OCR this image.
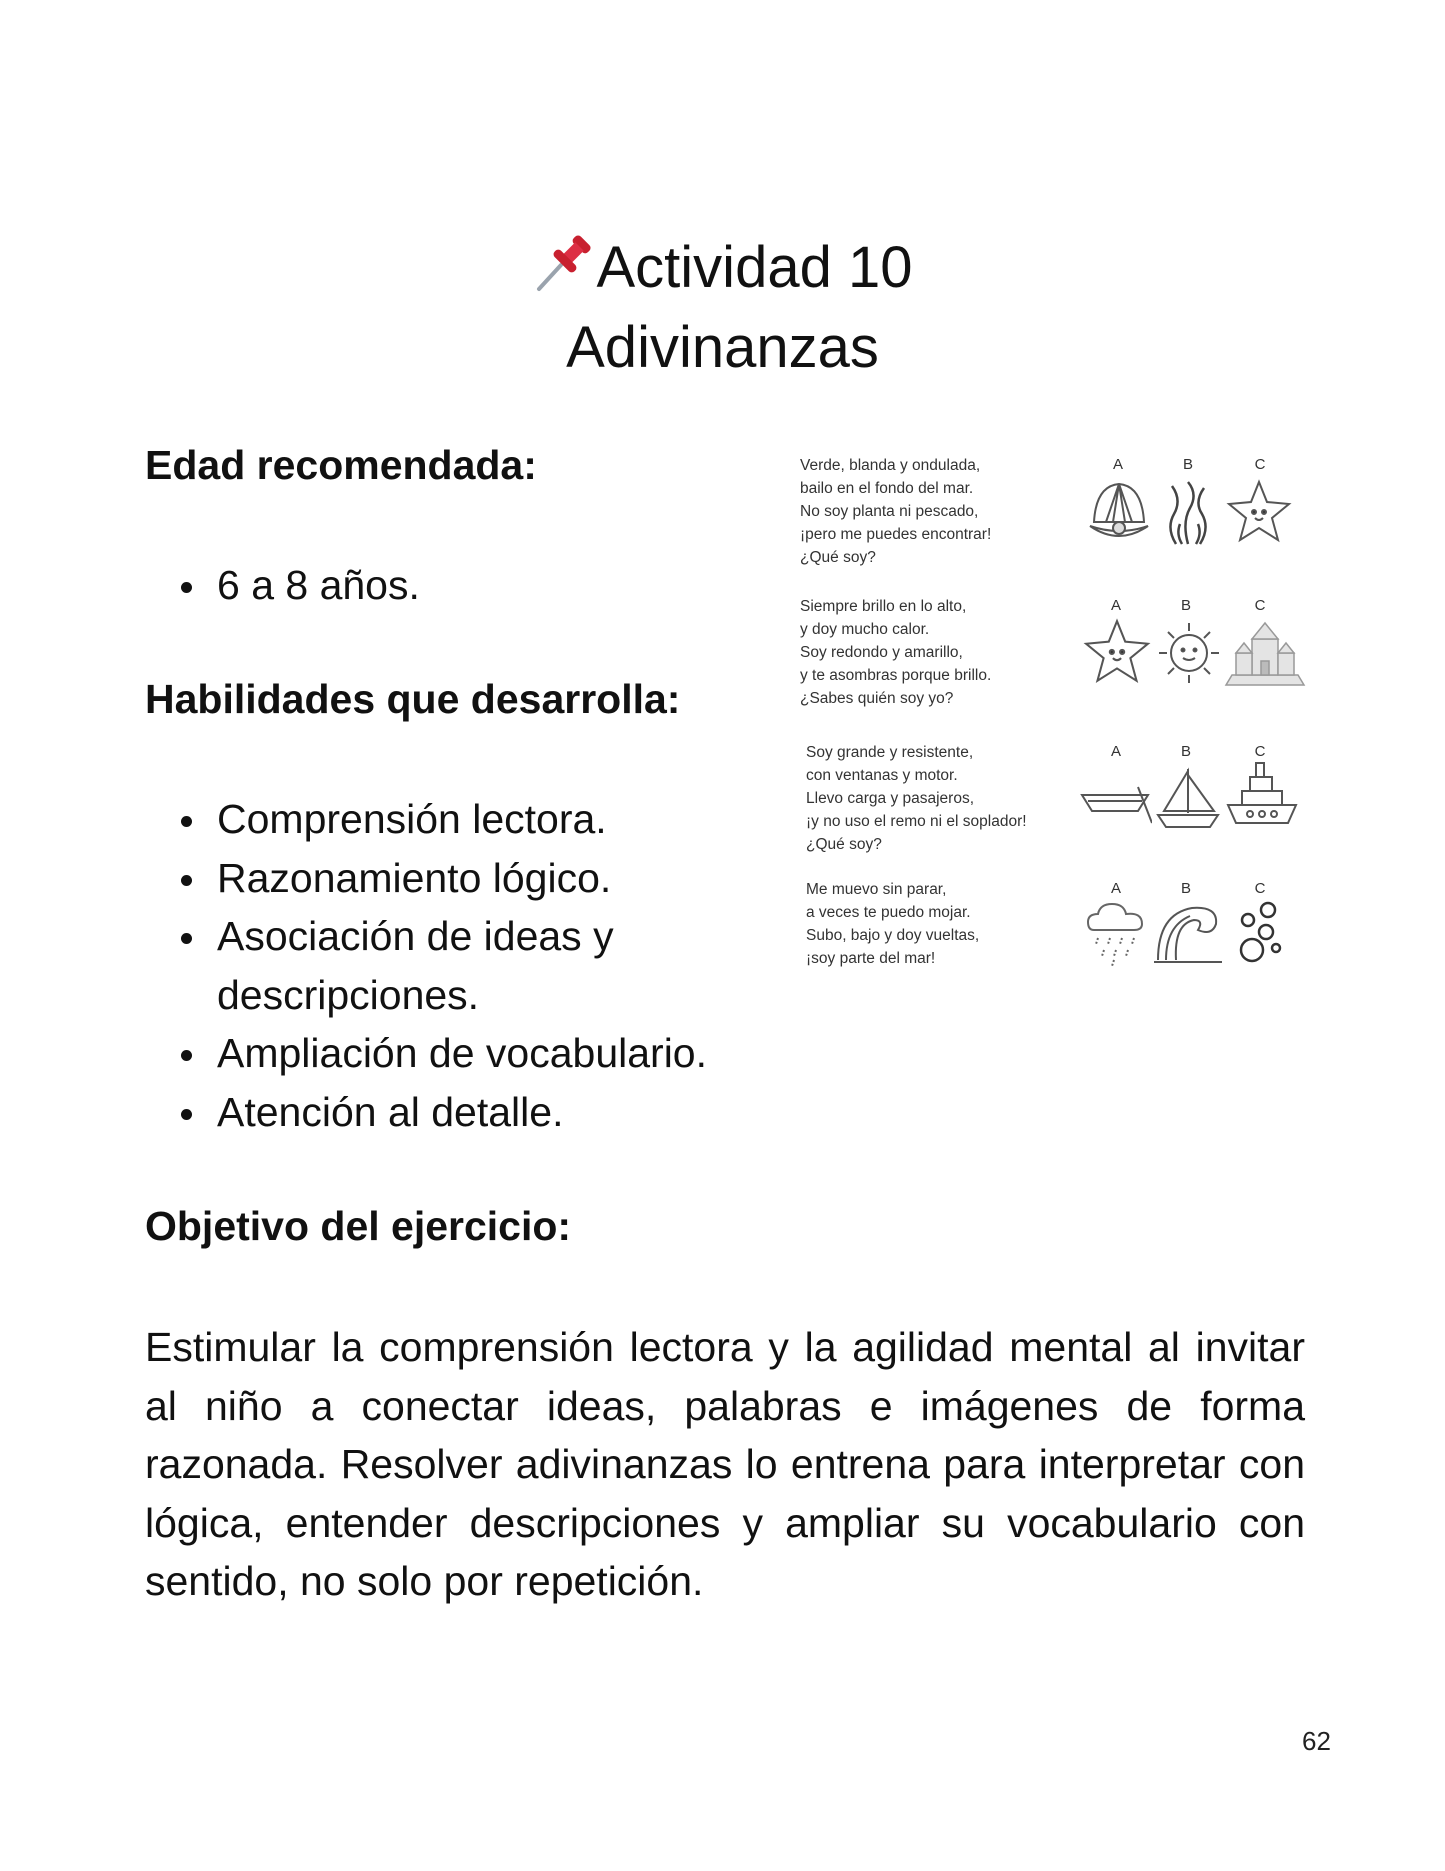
Actividad 10
Adivinanzas
Edad recomendada:
6 a 8 años.
Habilidades que desarrolla:
Comprensión lectora.
Razonamiento lógico.
Asociación de ideas y descripciones.
Ampliación de vocabulario.
Atención al detalle.
Objetivo del ejercicio:
Estimular la comprensión lectora y la agilidad mental al invitar al niño a conectar ideas, palabras e imágenes de forma razonada. Resolver adivinanzas lo entrena para interpretar con lógica, entender descripciones y ampliar su vocabulario con sentido, no solo por repetición.
Verde, blanda y ondulada,
bailo en el fondo del mar.
No soy planta ni pescado,
¡pero me puedes encontrar!
¿Qué soy?
A	B	C
Siempre brillo en lo alto,
y doy mucho calor.
Soy redondo y amarillo,
y te asombras porque brillo.
¿Sabes quién soy yo?
A	B	C
Soy grande y resistente,
con ventanas y motor.
Llevo carga y pasajeros,
¡y no uso el remo ni el soplador!
¿Qué soy?
A	B	C
Me muevo sin parar,
a veces te puedo mojar.
Subo, bajo y doy vueltas,
¡soy parte del mar!
A	B	C
62
